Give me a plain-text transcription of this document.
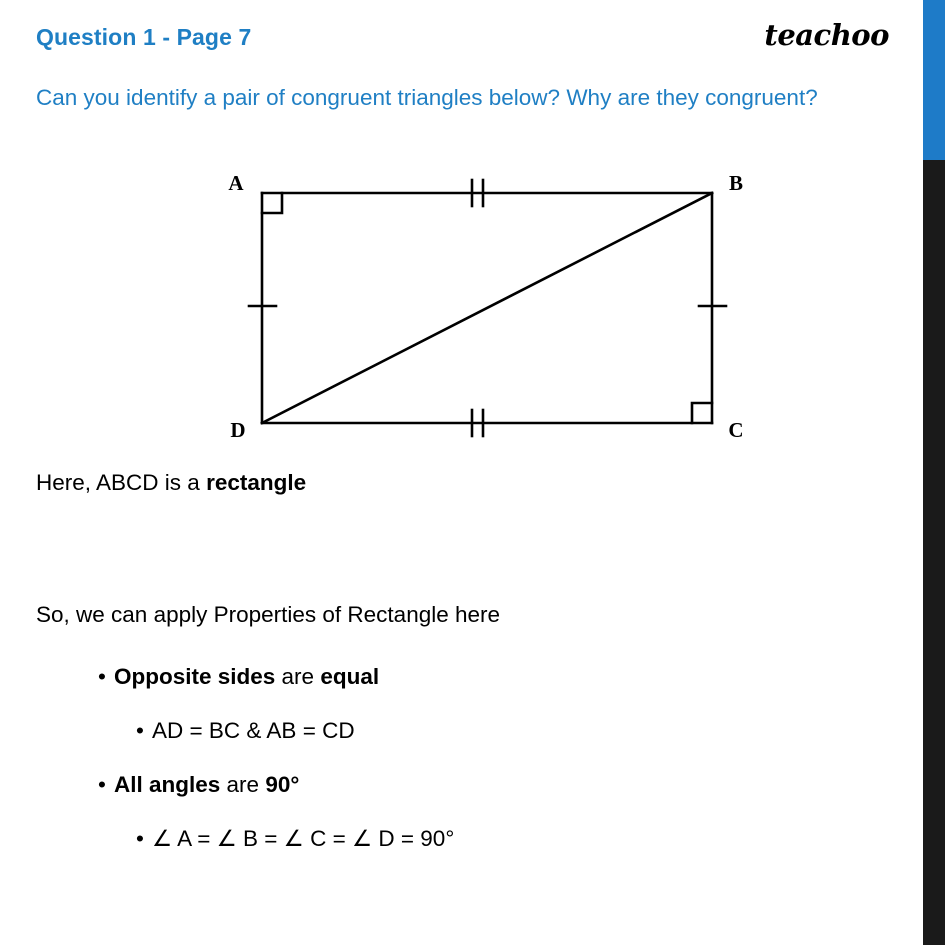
Question 1 - Page 7	teachoo
Can you identify a pair of congruent triangles below? Why are they congruent?
A	B
C
D
Here, ABCD is a rectangle
So, we can apply Properties of Rectangle here
• Opposite sides are equal
• AD = BC & AB = CD
• All angles are 90°
• ∠ A = ∠ B = ∠ C = ∠ D = 90°
